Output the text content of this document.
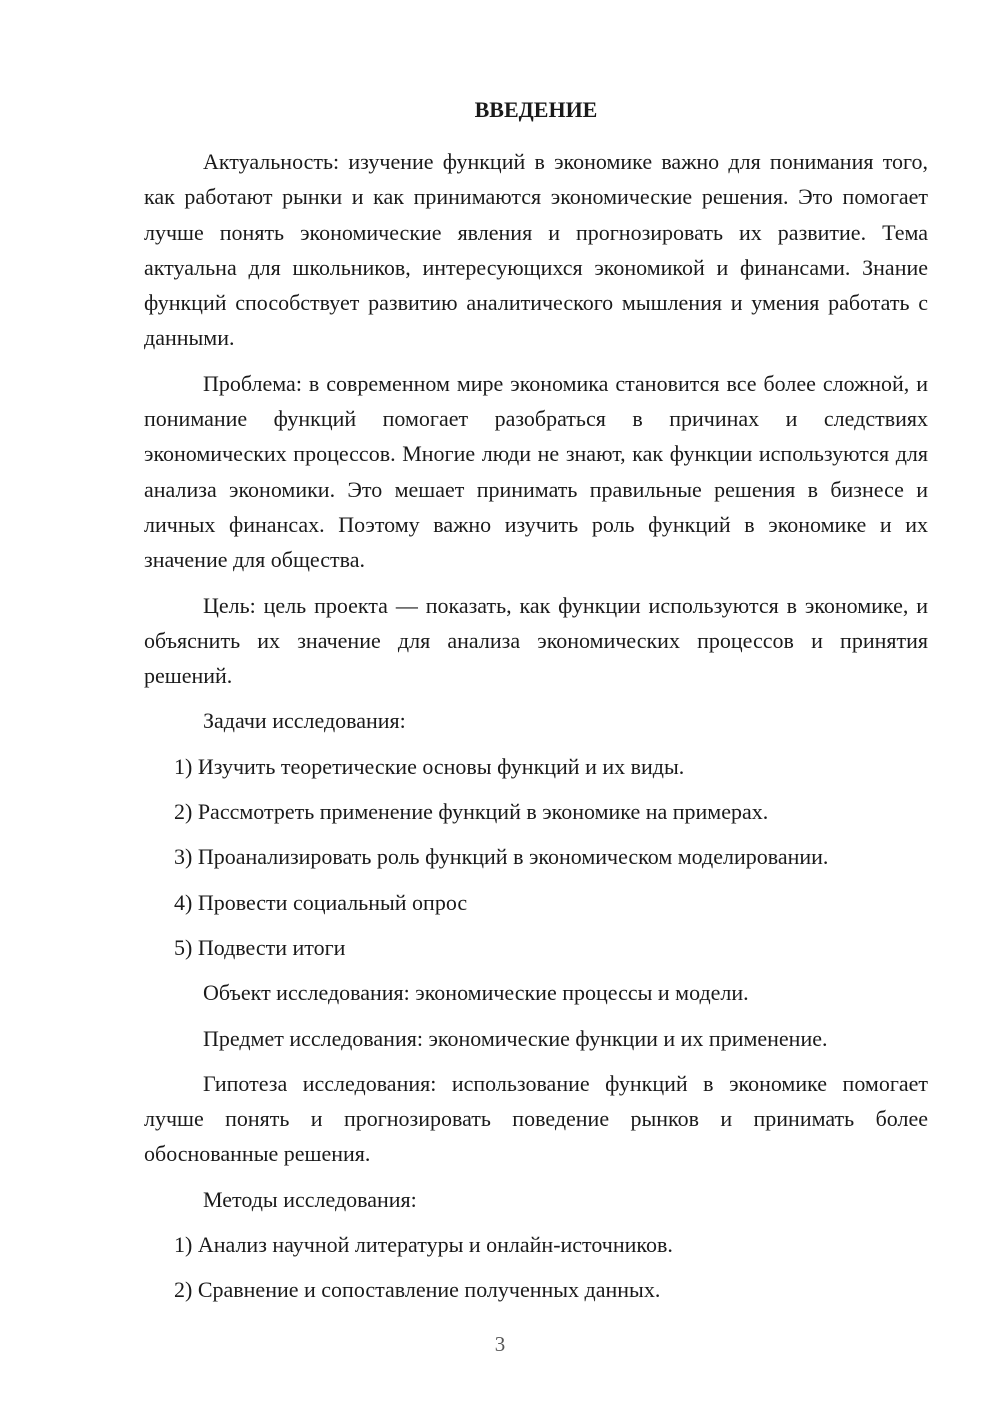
ВВЕДЕНИЕ

Актуальность: изучение функций в экономике важно для понимания того, как работают рынки и как принимаются экономические решения. Это помогает лучше понять экономические явления и прогнозировать их развитие. Тема актуальна для школьников, интересующихся экономикой и финансами. Знание функций способствует развитию аналитического мышления и умения работать с данными.

Проблема: в современном мире экономика становится все более сложной, и понимание функций помогает разобраться в причинах и следствиях экономических процессов. Многие люди не знают, как функции используются для анализа экономики. Это мешает принимать правильные решения в бизнесе и личных финансах. Поэтому важно изучить роль функций в экономике и их значение для общества.

Цель: цель проекта — показать, как функции используются в экономике, и объяснить их значение для анализа экономических процессов и принятия решений.

Задачи исследования:

1) Изучить теоретические основы функций и их виды.

2) Рассмотреть применение функций в экономике на примерах.

3) Проанализировать роль функций в экономическом моделировании.

4) Провести социальный опрос

5) Подвести итоги

Объект исследования: экономические процессы и модели.

Предмет исследования: экономические функции и их применение.

Гипотеза исследования: использование функций в экономике помогает лучше понять и прогнозировать поведение рынков и принимать более обоснованные решения.

Методы исследования:

1) Анализ научной литературы и онлайн-источников.

2) Сравнение и сопоставление полученных данных.

3
